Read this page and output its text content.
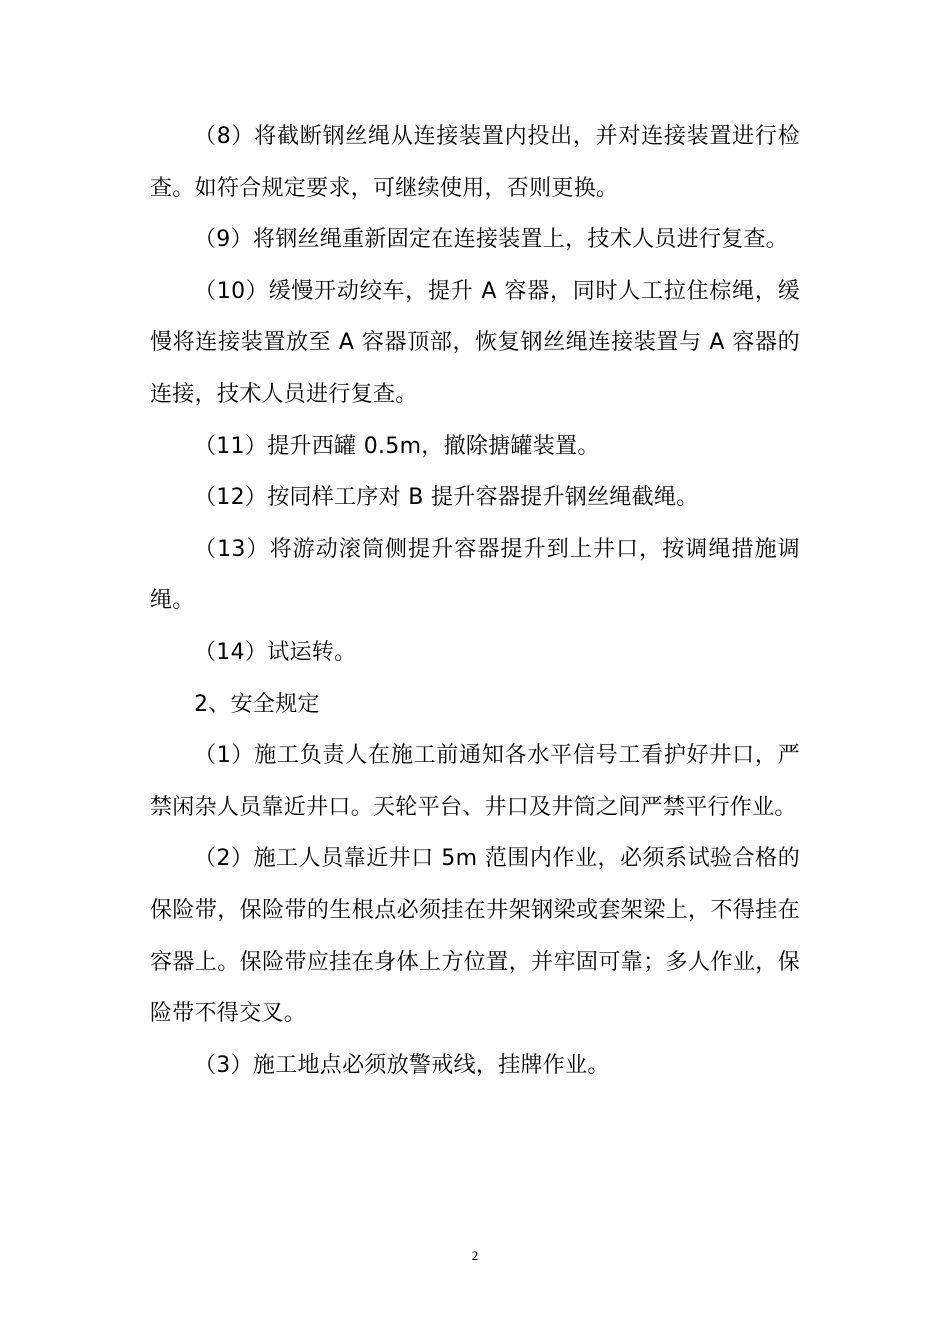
（8）将截断钢丝绳从连接装置内投出，并对连接装置进行检查。如符合规定要求，可继续使用，否则更换。

（9）将钢丝绳重新固定在连接装置上，技术人员进行复查。

（10）缓慢开动绞车，提升 A 容器，同时人工拉住棕绳，缓慢将连接装置放至 A 容器顶部，恢复钢丝绳连接装置与 A 容器的连接，技术人员进行复查。

（11）提升西罐 0.5m，撤除搪罐装置。

（12）按同样工序对 B 提升容器提升钢丝绳截绳。

（13）将游动滚筒侧提升容器提升到上井口，按调绳措施调绳。

（14）试运转。

2、安全规定

（1）施工负责人在施工前通知各水平信号工看护好井口，严禁闲杂人员靠近井口。天轮平台、井口及井筒之间严禁平行作业。

（2）施工人员靠近井口 5m 范围内作业，必须系试验合格的保险带，保险带的生根点必须挂在井架钢梁或套架梁上，不得挂在容器上。保险带应挂在身体上方位置，并牢固可靠；多人作业，保险带不得交叉。

（3）施工地点必须放警戒线，挂牌作业。

2
